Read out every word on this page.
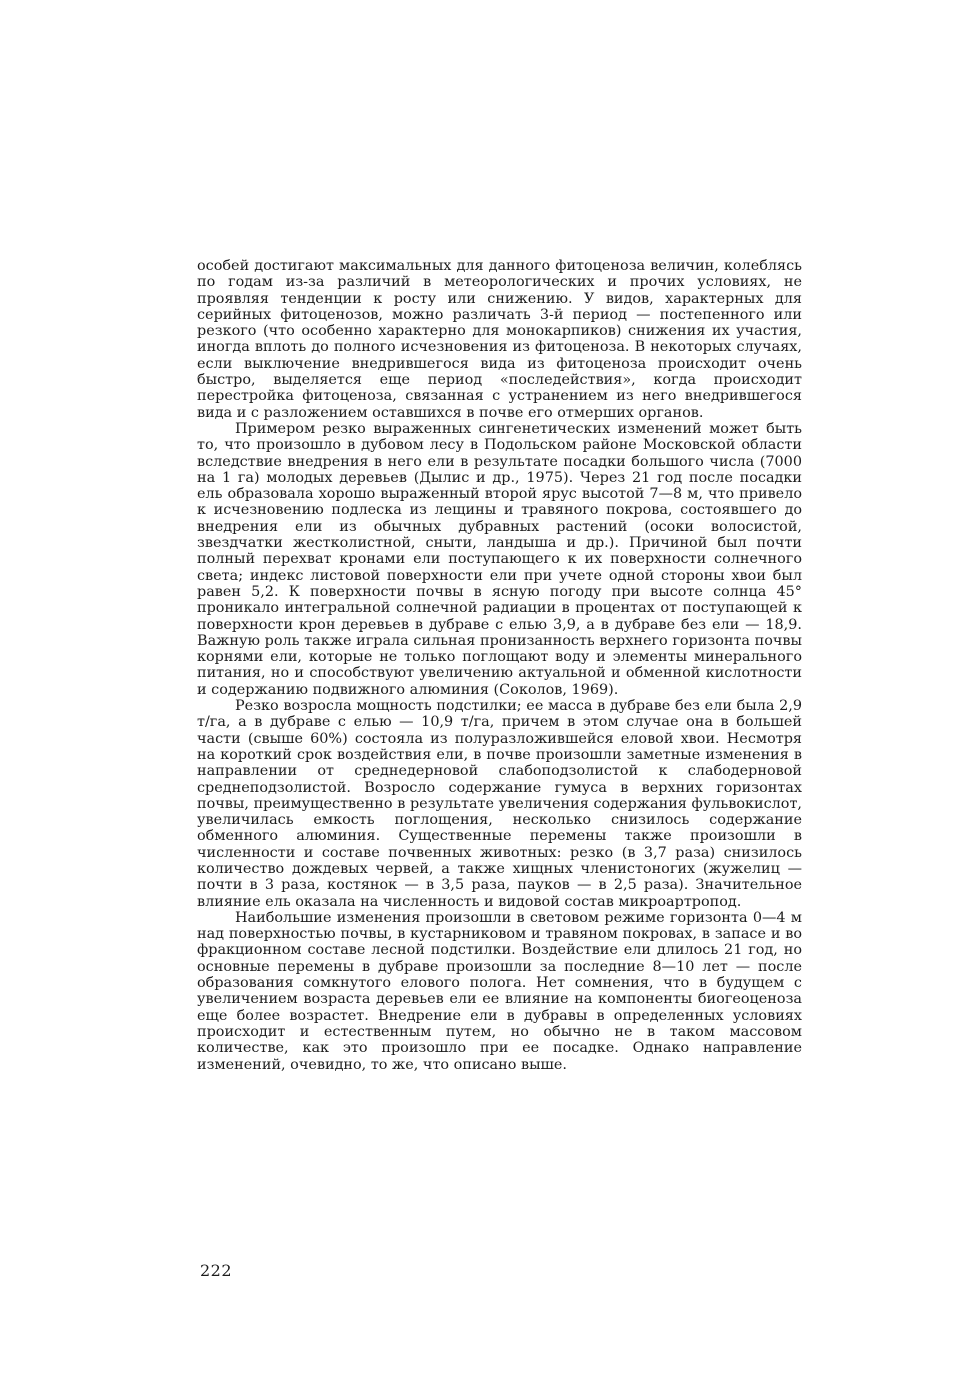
особей достигают максимальных для данного фитоценоза величин, колеблясь по годам из-за различий в метеорологических и прочих условиях, не проявляя тенденции к росту или снижению. У видов, характерных для серийных фитоценозов, можно различать 3-й период — постепенного или резкого (что особенно характерно для монокарпиков) снижения их участия, иногда вплоть до полного исчезновения из фитоценоза. В некоторых случаях, если выключение внедрившегося вида из фитоценоза происходит очень быстро, выделяется еще период «последействия», когда происходит перестройка фитоценоза, связанная с устранением из него внедрившегося вида и с разложением оставшихся в почве его отмерших органов.

Примером резко выраженных сингенетических изменений может быть то, что произошло в дубовом лесу в Подольском районе Московской области вследствие внедрения в него ели в результате посадки большого числа (7000 на 1 га) молодых деревьев (Дылис и др., 1975). Через 21 год после посадки ель образовала хорошо выраженный второй ярус высотой 7—8 м, что привело к исчезновению подлеска из лещины и травяного покрова, состоявшего до внедрения ели из обычных дубравных растений (осоки волосистой, звездчатки жестколистной, сныти, ландыша и др.). Причиной был почти полный перехват кронами ели поступающего к их поверхности солнечного света; индекс листовой поверхности ели при учете одной стороны хвои был равен 5,2. К поверхности почвы в ясную погоду при высоте солнца 45° проникало интегральной солнечной радиации в процентах от поступающей к поверхности крон деревьев в дубраве с елью 3,9, а в дубраве без ели — 18,9. Важную роль также играла сильная пронизанность верхнего горизонта почвы корнями ели, которые не только поглощают воду и элементы минерального питания, но и способствуют увеличению актуальной и обменной кислотности и содержанию подвижного алюминия (Соколов, 1969).

Резко возросла мощность подстилки; ее масса в дубраве без ели была 2,9 т/га, а в дубраве с елью — 10,9 т/га, причем в этом случае она в большей части (свыше 60%) состояла из полуразложившейся еловой хвои. Несмотря на короткий срок воздействия ели, в почве произошли заметные изменения в направлении от среднедерновой слабоподзолистой к слабодерновой среднеподзолистой. Возросло содержание гумуса в верхних горизонтах почвы, преимущественно в результате увеличения содержания фульвокислот, увеличилась емкость поглощения, несколько снизилось содержание обменного алюминия. Существенные перемены также произошли в численности и составе почвенных животных: резко (в 3,7 раза) снизилось количество дождевых червей, а также хищных членистоногих (жужелиц — почти в 3 раза, костянок — в 3,5 раза, пауков — в 2,5 раза). Значительное влияние ель оказала на численность и видовой состав микроартропод.

Наибольшие изменения произошли в световом режиме горизонта 0—4 м над поверхностью почвы, в кустарниковом и травяном покровах, в запасе и во фракционном составе лесной подстилки. Воздействие ели длилось 21 год, но основные перемены в дубраве произошли за последние 8—10 лет — после образования сомкнутого елового полога. Нет сомнения, что в будущем с увеличением возраста деревьев ели ее влияние на компоненты биогеоценоза еще более возрастет. Внедрение ели в дубравы в определенных условиях происходит и естественным путем, но обычно не в таком массовом количестве, как это произошло при ее посадке. Однако направление изменений, очевидно, то же, что описано выше.

222
